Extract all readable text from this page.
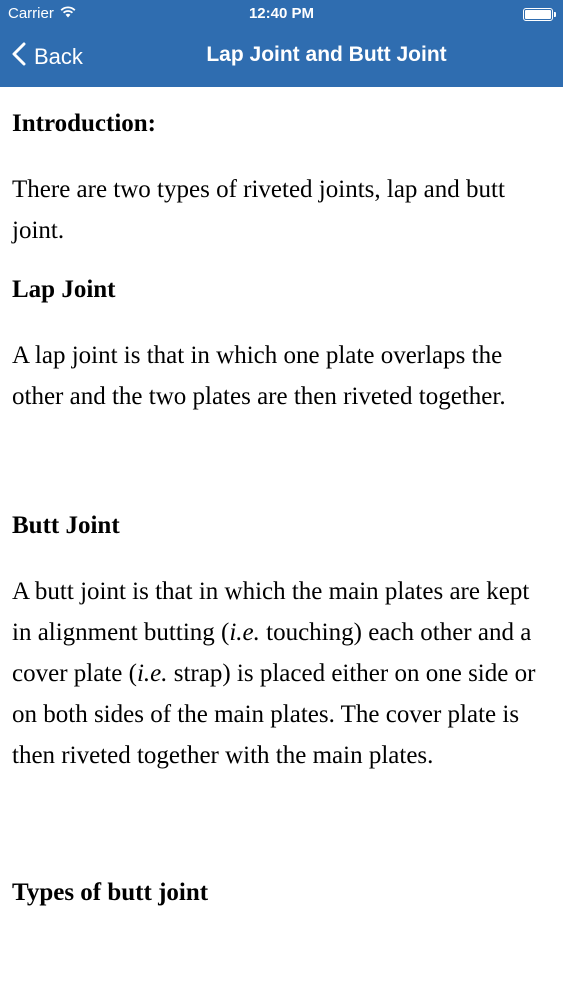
Carrier	12:40 PM
Back	Lap Joint and Butt Joint
Introduction:
There are two types of riveted joints, lap and butt joint.
Lap Joint
A lap joint is that in which one plate overlaps the other and the two plates are then riveted together.
Butt Joint
A butt joint is that in which the main plates are kept in alignment butting (i.e. touching) each other and a cover plate (i.e. strap) is placed either on one side or on both sides of the main plates. The cover plate is then riveted together with the main plates.
Types of butt joint
